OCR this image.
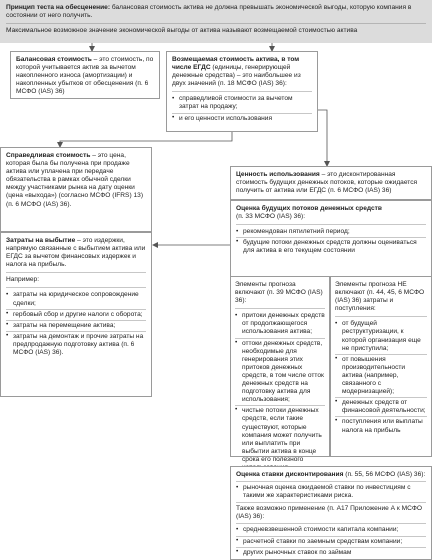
Принцип теста на обесценение: балансовая стоимость актива не должна превышать экономической выгоды, которую компания в состоянии от него получить.

Максимальное возможное значение экономической выгоды от актива называют возмещаемой стоимостью актива

Балансовая стоимость – это стоимость, по которой учитывается актив за вычетом накопленного износа (амортизации) и накопленных убытков от обесценения (п. 6 МСФО (IAS) 36)

Возмещаемая стоимость актива, в том числе ЕГДС (единицы, генерирующей денежные средства) – это наибольшее из двух значений (п. 18 МСФО (IAS) 36):

• справедливой стоимости за вычетом затрат на продажу;
• и его ценности использования

Справедливая стоимость – это цена, которая была бы получена при продаже актива или уплачена при передаче обязательства в рамках обычной сделки между участниками рынка на дату оценки (цена «выхода») (согласно МСФО (IFRS) 13) (п. 6 МСФО (IAS) 36).

Затраты на выбытие – это издержки, напрямую связанные с выбытием актива или ЕГДС за вычетом финансовых издержек и налога на прибыль.

Например:

• затраты на юридическое сопровождение сделки;
• гербовый сбор и другие налоги с оборота;
• затраты на перемещение актива;
• затраты на демонтаж и прочие затраты на предпродажную подготовку актива (п. 6 МСФО (IAS) 36).

Ценность использования – это дисконтированная стоимость будущих денежных потоков, которые ожидается получить от актива или ЕГДС (п. 6 МСФО (IAS) 36)

Оценка будущих потоков денежных средств

(п. 33 МСФО (IAS) 36):

• рекомендован пятилетний период;
• будущие потоки денежных средств должны оцениваться для актива в его текущем состоянии

Элементы прогноза включают (п. 39 МСФО (IAS) 36):

• притоки денежных средств от продолжающегося использования актива;
• оттоки денежных средств, необходимые для генерирования этих притоков денежных средств, в том числе отток денежных средств на подготовку актива для использования;
• чистые потоки денежных средств, если такие существуют, которые компания может получить или выплатить при выбытии актива в конце срока его полезного

Элементы прогноза НЕ включают (п. 44, 45, 6 МСФО (IAS) 36) затраты и поступления:

• от будущей реструктуризации, к которой организация еще не приступила;
• от повышения производительности актива (например, связанного с модернизацией);
• денежных средств от финансовой деятельности;
• поступления или выплаты налога на прибыль

Оценка ставки дисконтирования (п. 55, 56 МСФО (IAS) 36):

• рыночная оценка ожидаемой ставки по инвестициям с такими же характеристиками риска.

Также возможно применение (п. А17 Приложение А к МСФО (IAS) 36):

• средневзвешенной стоимости капитала компании;
• расчетной ставки по заемным средствам компании;
• других рыночных ставок по займам
